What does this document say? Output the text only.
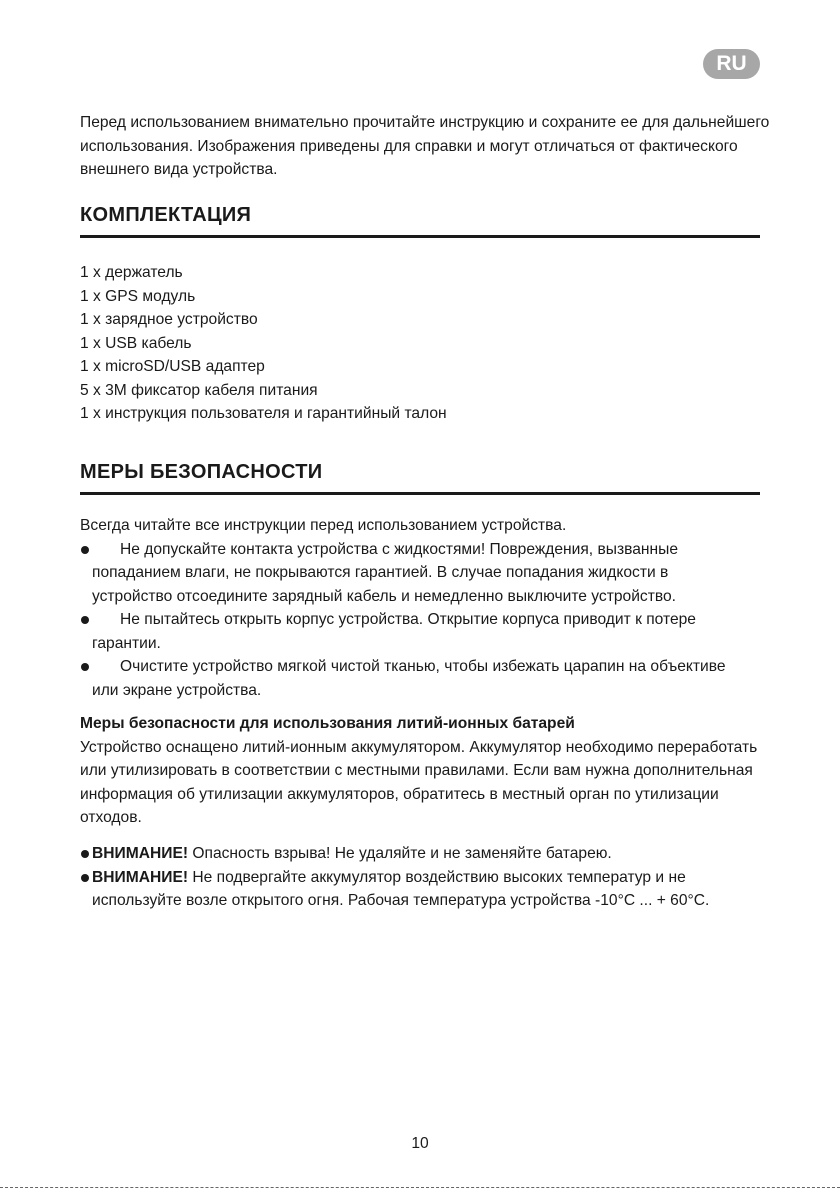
RU
Перед использованием внимательно прочитайте инструкцию и сохраните ее для дальнейшего использования. Изображения приведены для справки и могут отличаться от фактического внешнего вида устройства.
КОМПЛЕКТАЦИЯ
1 х держатель
1 х GPS модуль
1 х зарядное устройство
1 х USB кабель
1 х microSD/USB адаптер
5 х 3M фиксатор кабеля питания
1 х инструкция пользователя и гарантийный талон
МЕРЫ БЕЗОПАСНОСТИ
Всегда читайте все инструкции перед использованием устройства.
Не допускайте контакта устройства с жидкостями! Повреждения, вызванные попаданием влаги, не покрываются гарантией. В случае попадания жидкости в устройство отсоедините зарядный кабель и немедленно выключите устройство.
Не пытайтесь открыть корпус устройства. Открытие корпуса приводит к потере гарантии.
Очистите устройство мягкой чистой тканью, чтобы избежать царапин на объективе или экране устройства.
Меры безопасности для использования литий-ионных батарей
Устройство оснащено литий-ионным аккумулятором. Аккумулятор необходимо переработать или утилизировать в соответствии с местными правилами. Если вам нужна дополнительная информация об утилизации аккумуляторов, обратитесь в местный орган по утилизации отходов.
ВНИМАНИЕ! Опасность взрыва! Не удаляйте и не заменяйте батарею.
ВНИМАНИЕ! Не подвергайте аккумулятор воздействию высоких температур и не используйте возле открытого огня. Рабочая температура устройства -10°C ... + 60°C.
10
